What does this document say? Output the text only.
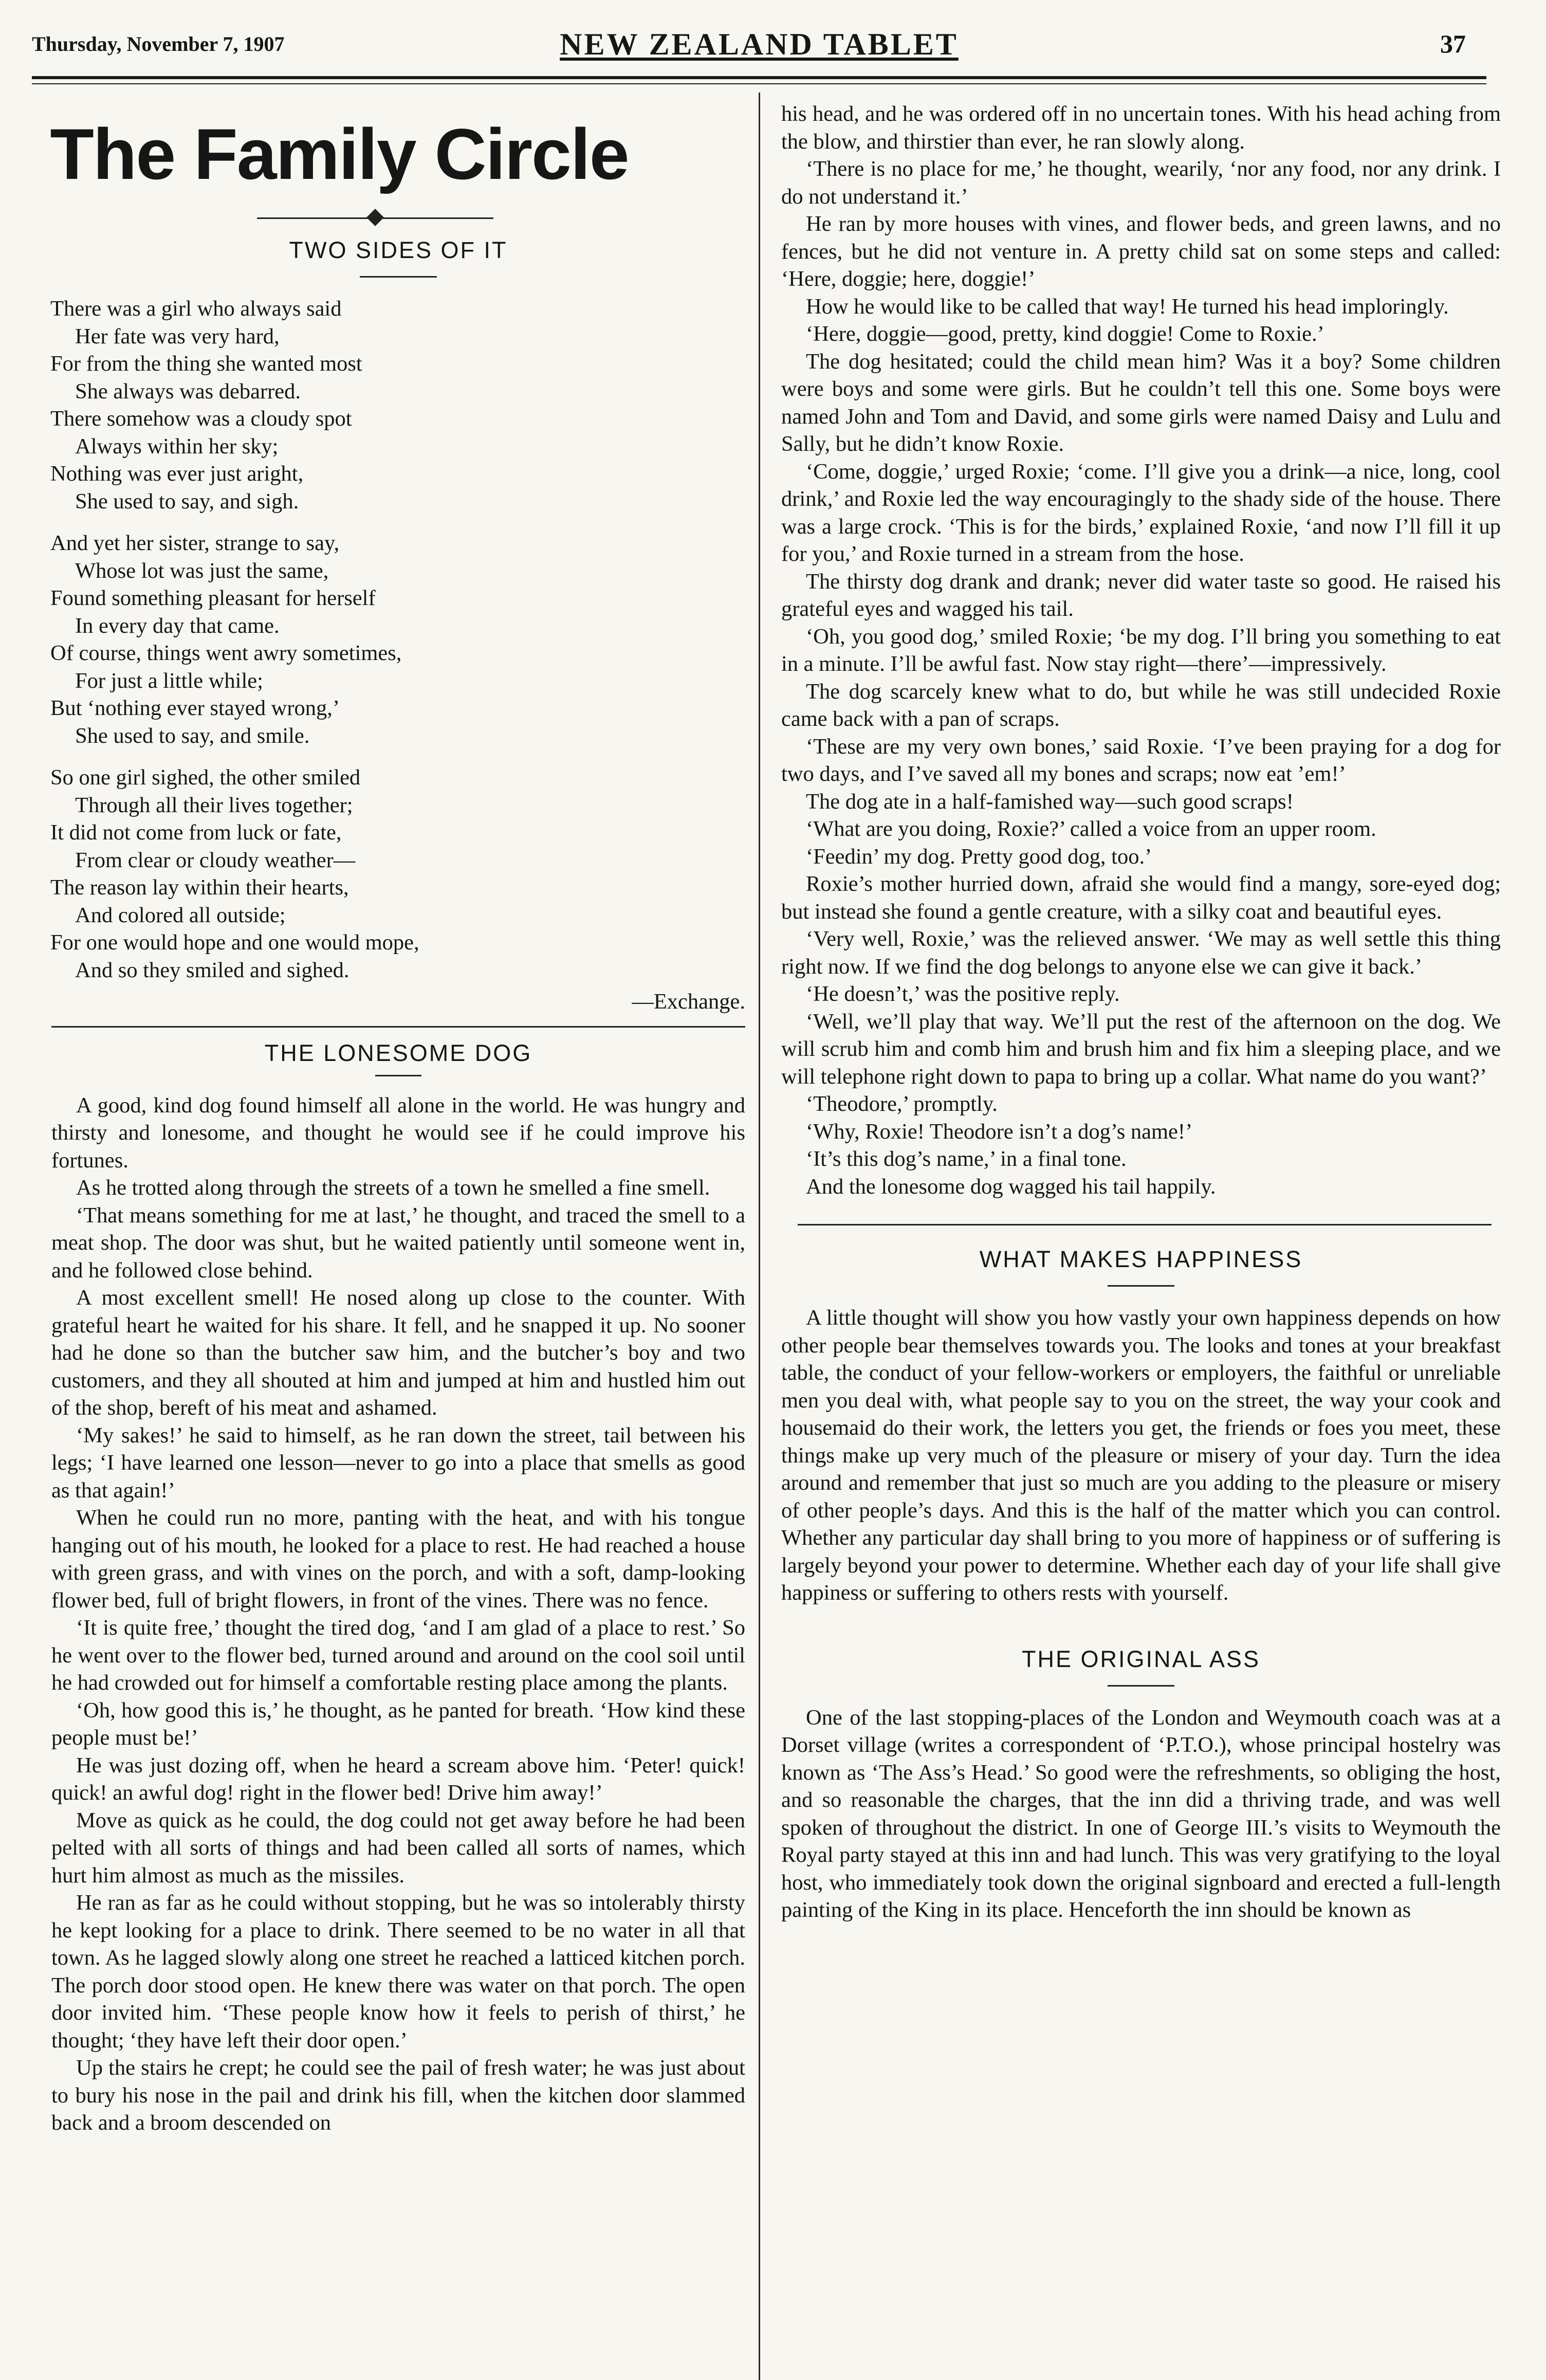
Thursday, November 7, 1907	NEW ZEALAND TABLET	37
The Family Circle
TWO SIDES OF IT
There was a girl who always said
Her fate was very hard,
For from the thing she wanted most
She always was debarred.
There somehow was a cloudy spot
Always within her sky;
Nothing was ever just aright,
She used to say, and sigh.
And yet her sister, strange to say,
Whose lot was just the same,
Found something pleasant for herself
In every day that came.
Of course, things went awry sometimes,
For just a little while;
But ‘nothing ever stayed wrong,’
She used to say, and smile.
So one girl sighed, the other smiled
Through all their lives together;
It did not come from luck or fate,
From clear or cloudy weather—
The reason lay within their hearts,
And colored all outside;
For one would hope and one would mope,
And so they smiled and sighed.
—Exchange.
THE LONESOME DOG

A good, kind dog found himself all alone in the world. He was hungry and thirsty and lonesome, and thought he would see if he could improve his fortunes.

As he trotted along through the streets of a town he smelled a fine smell.

‘That means something for me at last,’ he thought, and traced the smell to a meat shop. The door was shut, but he waited patiently until someone went in, and he followed close behind.

A most excellent smell! He nosed along up close to the counter. With grateful heart he waited for his share. It fell, and he snapped it up. No sooner had he done so than the butcher saw him, and the butcher’s boy and two customers, and they all shouted at him and jumped at him and hustled him out of the shop, bereft of his meat and ashamed.

‘My sakes!’ he said to himself, as he ran down the street, tail between his legs; ‘I have learned one lesson—never to go into a place that smells as good as that again!’

When he could run no more, panting with the heat, and with his tongue hanging out of his mouth, he looked for a place to rest. He had reached a house with green grass, and with vines on the porch, and with a soft, damp-looking flower bed, full of bright flowers, in front of the vines. There was no fence.

‘It is quite free,’ thought the tired dog, ‘and I am glad of a place to rest.’ So he went over to the flower bed, turned around and around on the cool soil until he had crowded out for himself a comfortable resting place among the plants.

‘Oh, how good this is,’ he thought, as he panted for breath. ‘How kind these people must be!’

He was just dozing off, when he heard a scream above him. ‘Peter! quick! quick! an awful dog! right in the flower bed! Drive him away!’

Move as quick as he could, the dog could not get away before he had been pelted with all sorts of things and had been called all sorts of names, which hurt him almost as much as the missiles.

He ran as far as he could without stopping, but he was so intolerably thirsty he kept looking for a place to drink. There seemed to be no water in all that town. As he lagged slowly along one street he reached a latticed kitchen porch. The porch door stood open. He knew there was water on that porch. The open door invited him. ‘These people know how it feels to perish of thirst,’ he thought; ‘they have left their door open.’

Up the stairs he crept; he could see the pail of fresh water; he was just about to bury his nose in the pail and drink his fill, when the kitchen door slammed back and a broom descended on

his head, and he was ordered off in no uncertain tones. With his head aching from the blow, and thirstier than ever, he ran slowly along.

‘There is no place for me,’ he thought, wearily, ‘nor any food, nor any drink. I do not understand it.’

He ran by more houses with vines, and flower beds, and green lawns, and no fences, but he did not venture in. A pretty child sat on some steps and called: ‘Here, doggie; here, doggie!’

How he would like to be called that way! He turned his head imploringly.

‘Here, doggie—good, pretty, kind doggie! Come to Roxie.’

The dog hesitated; could the child mean him? Was it a boy? Some children were boys and some were girls. But he couldn’t tell this one. Some boys were named John and Tom and David, and some girls were named Daisy and Lulu and Sally, but he didn’t know Roxie.

‘Come, doggie,’ urged Roxie; ‘come. I’ll give you a drink—a nice, long, cool drink,’ and Roxie led the way encouragingly to the shady side of the house. There was a large crock. ‘This is for the birds,’ explained Roxie, ‘and now I’ll fill it up for you,’ and Roxie turned in a stream from the hose.

The thirsty dog drank and drank; never did water taste so good. He raised his grateful eyes and wagged his tail.

‘Oh, you good dog,’ smiled Roxie; ‘be my dog. I’ll bring you something to eat in a minute. I’ll be awful fast. Now stay right—there’—impressively.

The dog scarcely knew what to do, but while he was still undecided Roxie came back with a pan of scraps.

‘These are my very own bones,’ said Roxie. ‘I’ve been praying for a dog for two days, and I’ve saved all my bones and scraps; now eat ’em!’

The dog ate in a half-famished way—such good scraps!

‘What are you doing, Roxie?’ called a voice from an upper room.

‘Feedin’ my dog. Pretty good dog, too.’

Roxie’s mother hurried down, afraid she would find a mangy, sore-eyed dog; but instead she found a gentle creature, with a silky coat and beautiful eyes.

‘Very well, Roxie,’ was the relieved answer. ‘We may as well settle this thing right now. If we find the dog belongs to anyone else we can give it back.’

‘He doesn’t,’ was the positive reply.

‘Well, we’ll play that way. We’ll put the rest of the afternoon on the dog. We will scrub him and comb him and brush him and fix him a sleeping place, and we will telephone right down to papa to bring up a collar. What name do you want?’

‘Theodore,’ promptly.

‘Why, Roxie! Theodore isn’t a dog’s name!’

‘It’s this dog’s name,’ in a final tone.

And the lonesome dog wagged his tail happily.

WHAT MAKES HAPPINESS

A little thought will show you how vastly your own happiness depends on how other people bear themselves towards you. The looks and tones at your breakfast table, the conduct of your fellow-workers or employers, the faithful or unreliable men you deal with, what people say to you on the street, the way your cook and housemaid do their work, the letters you get, the friends or foes you meet, these things make up very much of the pleasure or misery of your day. Turn the idea around and remember that just so much are you adding to the pleasure or misery of other people’s days. And this is the half of the matter which you can control. Whether any particular day shall bring to you more of happiness or of suffering is largely beyond your power to determine. Whether each day of your life shall give happiness or suffering to others rests with yourself.

THE ORIGINAL ASS

One of the last stopping-places of the London and Weymouth coach was at a Dorset village (writes a correspondent of ‘P.T.O.), whose principal hostelry was known as ‘The Ass’s Head.’ So good were the refreshments, so obliging the host, and so reasonable the charges, that the inn did a thriving trade, and was well spoken of throughout the district. In one of George III.’s visits to Weymouth the Royal party stayed at this inn and had lunch. This was very gratifying to the loyal host, who immediately took down the original signboard and erected a full-length painting of the King in its place. Henceforth the inn should be known as
